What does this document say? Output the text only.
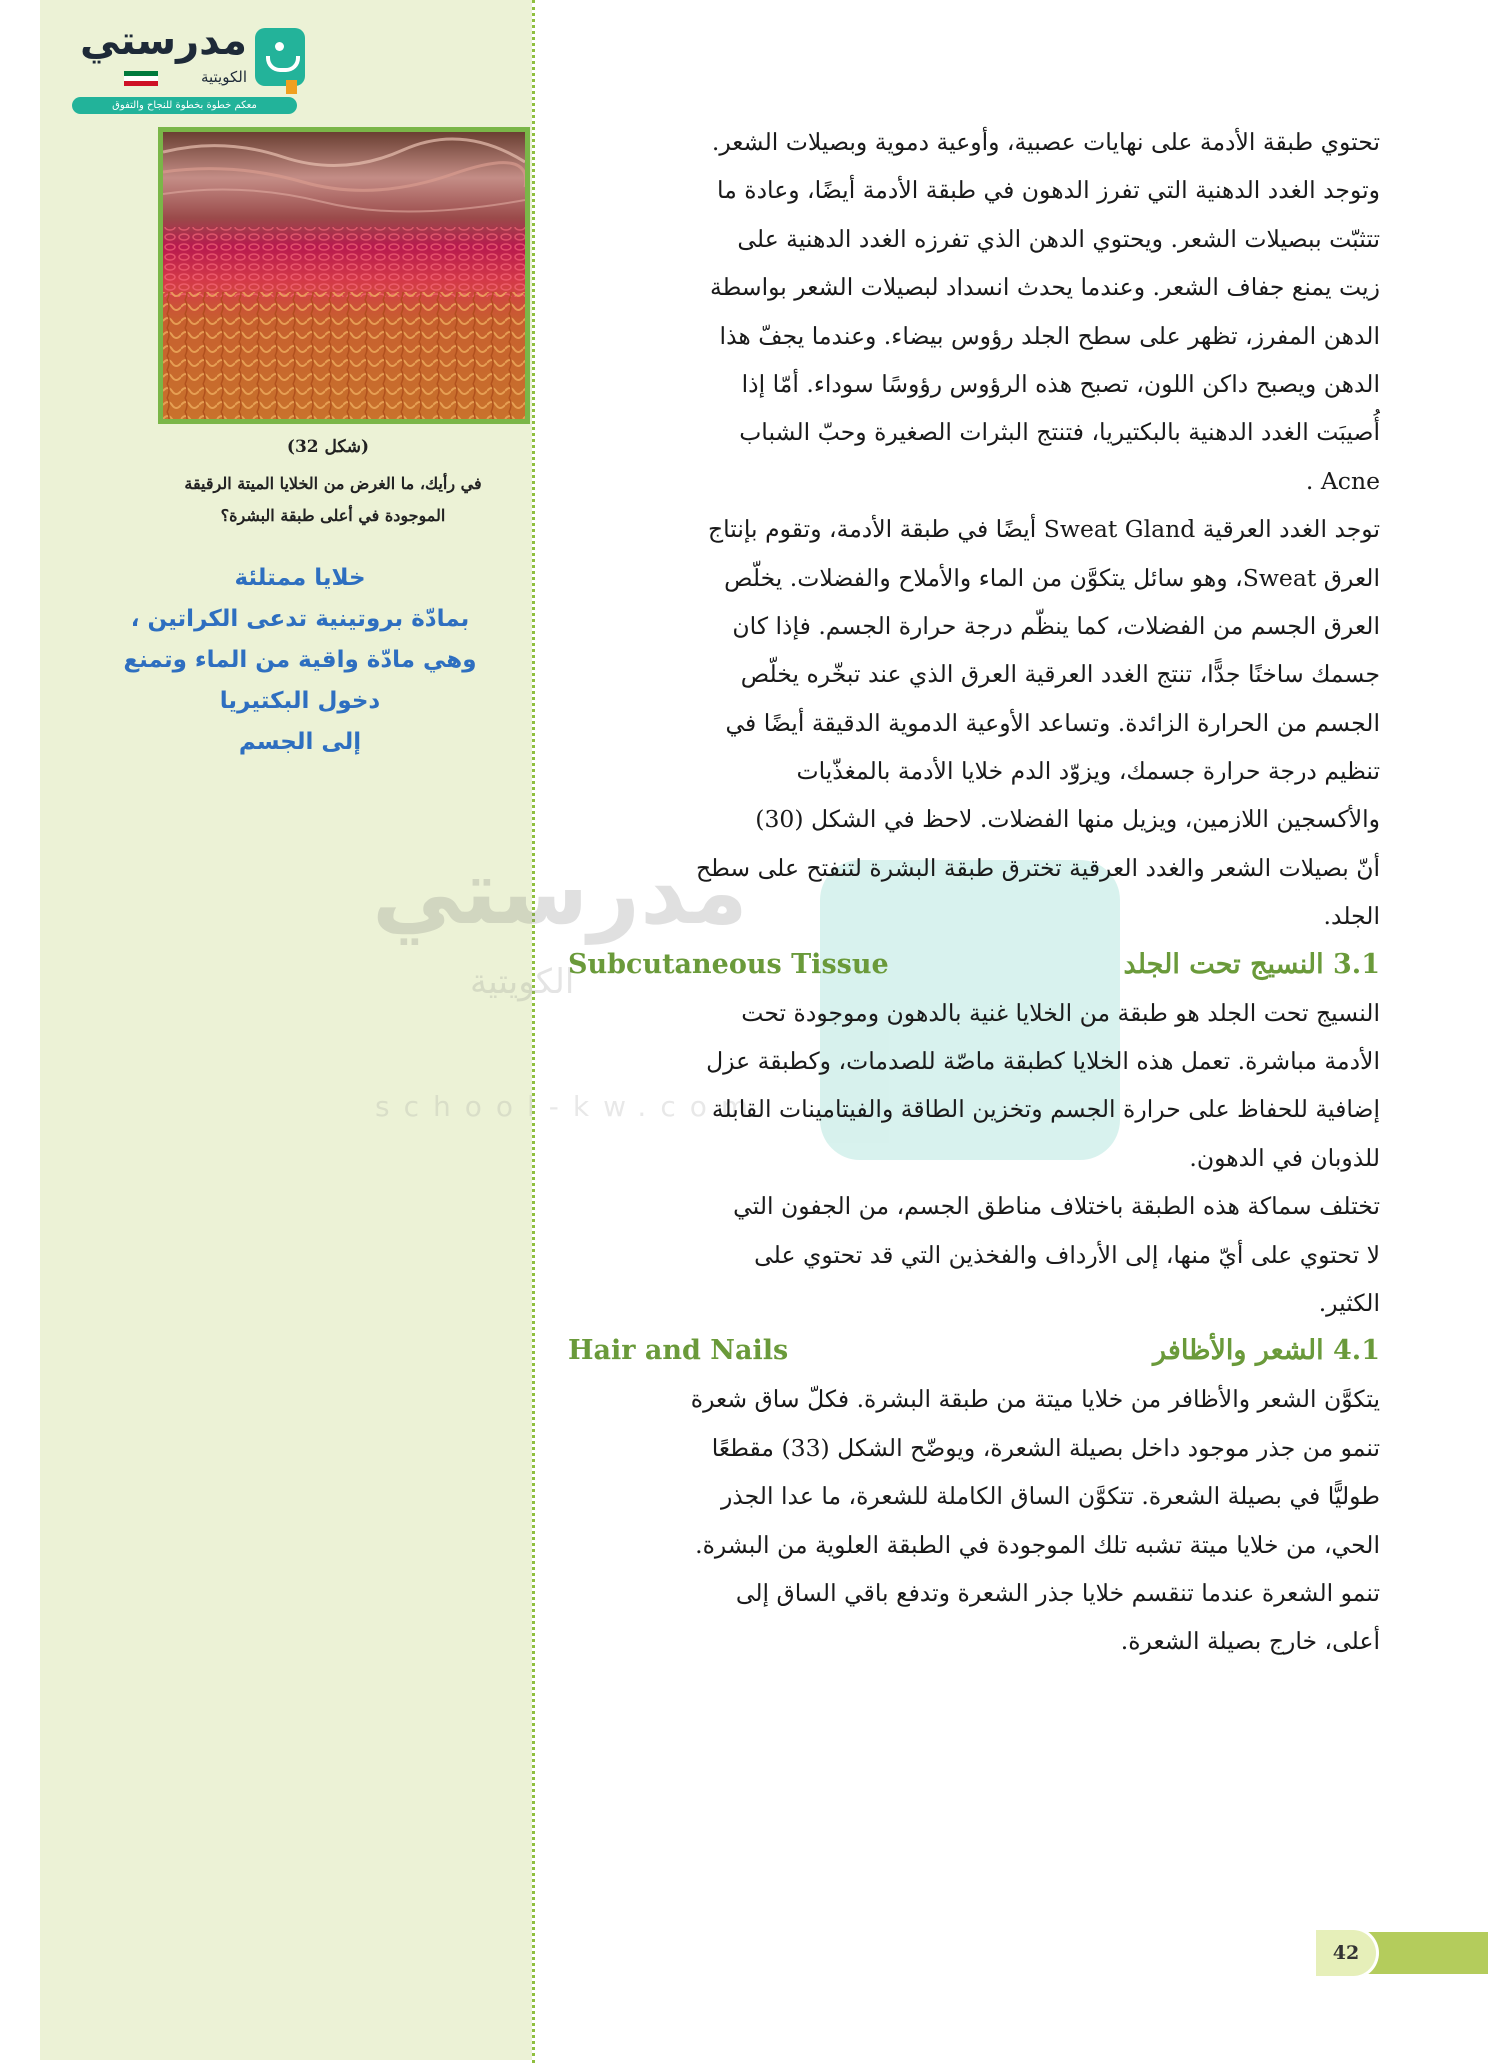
مدرستي
الكويتية
school-kw.com
مدرستي
الكويتية
معكم خطوة بخطوة للنجاح والتفوق
(شكل 32)
في رأيك، ما الغرض من الخلايا الميتة الرقيقة
الموجودة في أعلى طبقة البشرة؟
خلايا ممتلئة
بمادّة بروتينية تدعى الكراتين ،
وهي مادّة واقية من الماء وتمنع
دخول البكتيريا
إلى الجسم
تحتوي طبقة الأدمة على نهايات عصبية، وأوعية دموية وبصيلات الشعر.
وتوجد الغدد الدهنية التي تفرز الدهون في طبقة الأدمة أيضًا، وعادة ما
تتثبّت ببصيلات الشعر. ويحتوي الدهن الذي تفرزه الغدد الدهنية على
زيت يمنع جفاف الشعر. وعندما يحدث انسداد لبصيلات الشعر بواسطة
الدهن المفرز، تظهر على سطح الجلد رؤوس بيضاء. وعندما يجفّ هذا
الدهن ويصبح داكن اللون، تصبح هذه الرؤوس رؤوسًا سوداء. أمّا إذا
أُصيبَت الغدد الدهنية بالبكتيريا، فتنتج البثرات الصغيرة وحبّ الشباب
Acne .
توجد الغدد العرقية Sweat Gland أيضًا في طبقة الأدمة، وتقوم بإنتاج
العرق Sweat، وهو سائل يتكوَّن من الماء والأملاح والفضلات. يخلّص
العرق الجسم من الفضلات، كما ينظّم درجة حرارة الجسم. فإذا كان
جسمك ساخنًا جدًّا، تنتج الغدد العرقية العرق الذي عند تبخّره يخلّص
الجسم من الحرارة الزائدة. وتساعد الأوعية الدموية الدقيقة أيضًا في
تنظيم درجة حرارة جسمك، ويزوّد الدم خلايا الأدمة بالمغذّيات
والأكسجين اللازمين، ويزيل منها الفضلات. لاحظ في الشكل (30)
أنّ بصيلات الشعر والغدد العرقية تخترق طبقة البشرة لتنفتح على سطح
الجلد.
3.1 النسيج تحت الجلد
Subcutaneous Tissue
النسيج تحت الجلد هو طبقة من الخلايا غنية بالدهون وموجودة تحت
الأدمة مباشرة. تعمل هذه الخلايا كطبقة ماصّة للصدمات، وكطبقة عزل
إضافية للحفاظ على حرارة الجسم وتخزين الطاقة والفيتامينات القابلة
للذوبان في الدهون.
تختلف سماكة هذه الطبقة باختلاف مناطق الجسم، من الجفون التي
لا تحتوي على أيّ منها، إلى الأرداف والفخذين التي قد تحتوي على
الكثير.
4.1 الشعر والأظافر
Hair and Nails
يتكوَّن الشعر والأظافر من خلايا ميتة من طبقة البشرة. فكلّ ساق شعرة
تنمو من جذر موجود داخل بصيلة الشعرة، ويوضّح الشكل (33) مقطعًا
طوليًّا في بصيلة الشعرة. تتكوَّن الساق الكاملة للشعرة، ما عدا الجذر
الحي، من خلايا ميتة تشبه تلك الموجودة في الطبقة العلوية من البشرة.
تنمو الشعرة عندما تنقسم خلايا جذر الشعرة وتدفع باقي الساق إلى
أعلى، خارج بصيلة الشعرة.
42
